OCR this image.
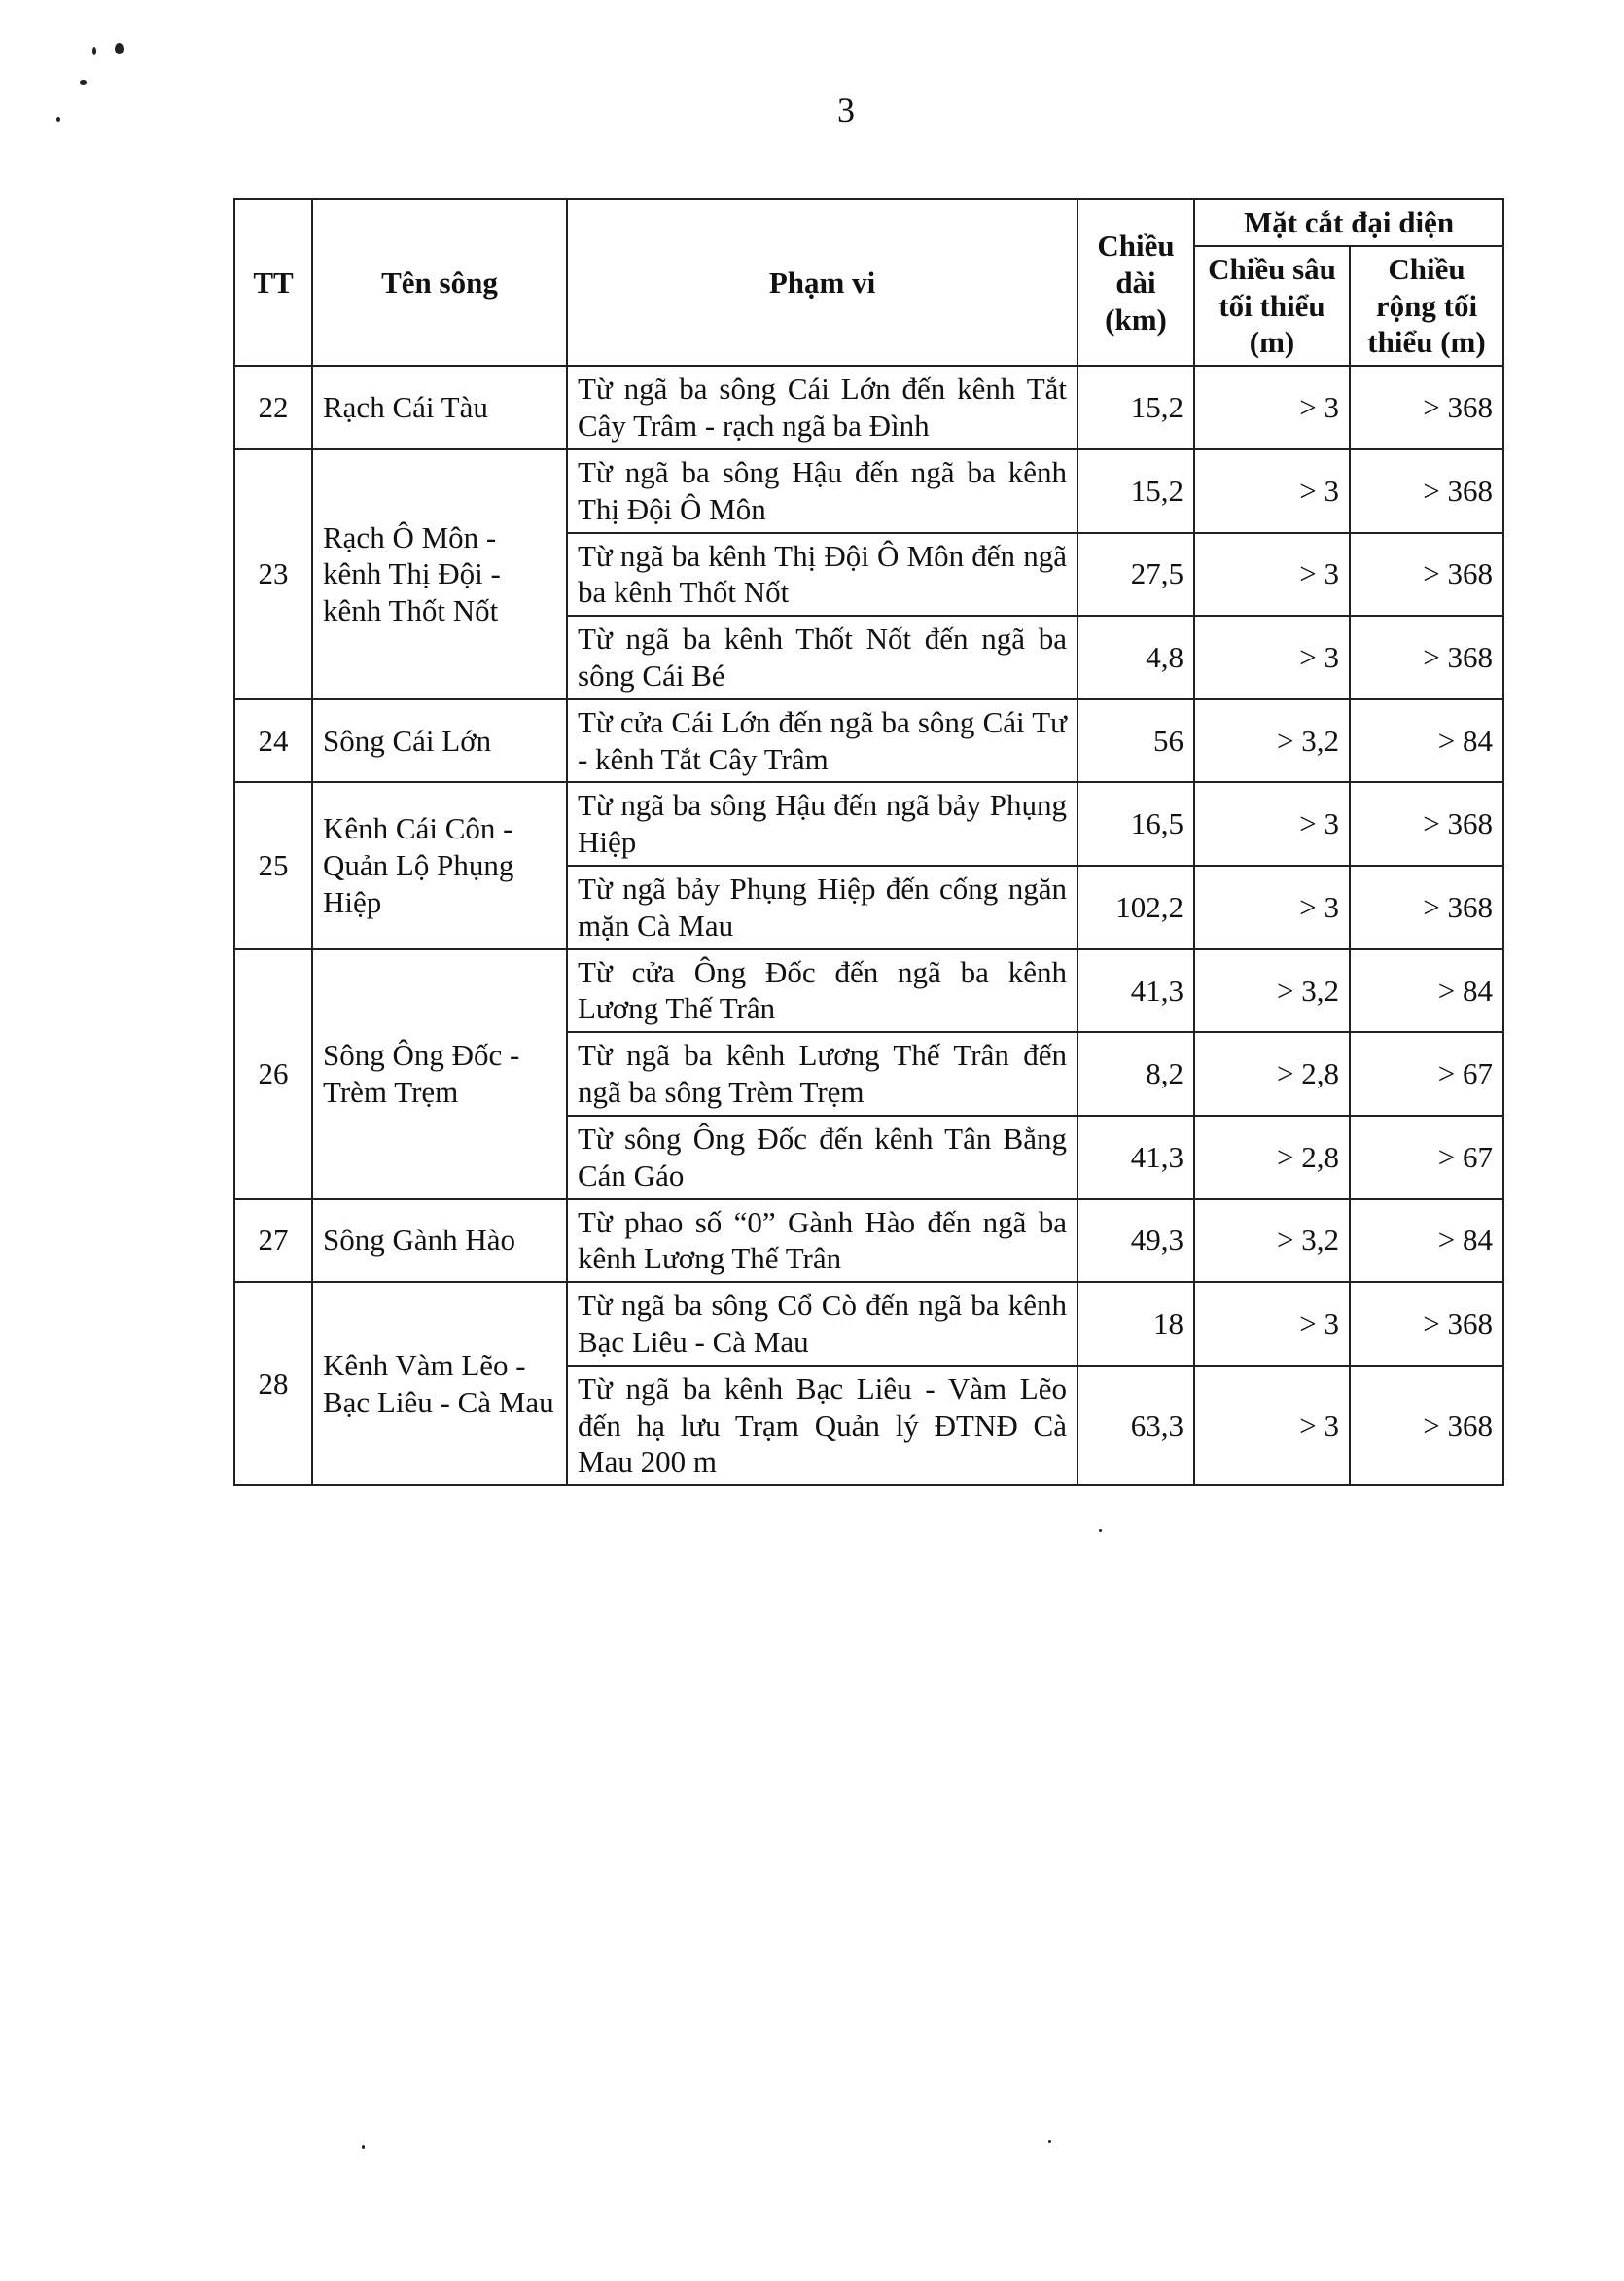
3
TT	Tên sông	Phạm vi	Chiều dài (km)	Mặt cắt đại diện	
				Chiều sâu tối thiểu (m)	Chiều rộng tối thiểu (m)
22	Rạch Cái Tàu	Từ ngã ba sông Cái Lớn đến kênh Tắt Cây Trâm - rạch ngã ba Đình	15,2	> 3	> 368
23	Rạch Ô Môn - kênh Thị Đội - kênh Thốt Nốt	Từ ngã ba sông Hậu đến ngã ba kênh Thị Đội Ô Môn	15,2	> 3	> 368
		Từ ngã ba kênh Thị Đội Ô Môn đến ngã ba kênh Thốt Nốt	27,5	> 3	> 368
		Từ ngã ba kênh Thốt Nốt đến ngã ba sông Cái Bé	4,8	> 3	> 368
24	Sông Cái Lớn	Từ cửa Cái Lớn đến ngã ba sông Cái Tư - kênh Tắt Cây Trâm	56	> 3,2	> 84
25	Kênh Cái Côn - Quản Lộ Phụng Hiệp	Từ ngã ba sông Hậu đến ngã bảy Phụng Hiệp	16,5	> 3	> 368
		Từ ngã bảy Phụng Hiệp đến cống ngăn mặn Cà Mau	102,2	> 3	> 368
26	Sông Ông Đốc - Trèm Trẹm	Từ cửa Ông Đốc đến ngã ba kênh Lương Thế Trân	41,3	> 3,2	> 84
		Từ ngã ba kênh Lương Thế Trân đến ngã ba sông Trèm Trẹm	8,2	> 2,8	> 67
		Từ sông Ông Đốc đến kênh Tân Bằng Cán Gáo	41,3	> 2,8	> 67
27	Sông Gành Hào	Từ phao số “0” Gành Hào đến ngã ba kênh Lương Thế Trân	49,3	> 3,2	> 84
28	Kênh Vàm Lẽo - Bạc Liêu - Cà Mau	Từ ngã ba sông Cổ Cò đến ngã ba kênh Bạc Liêu - Cà Mau	18	> 3	> 368
		Từ ngã ba kênh Bạc Liêu - Vàm Lẽo đến hạ lưu Trạm Quản lý ĐTNĐ Cà Mau 200 m	63,3	> 3	> 368
